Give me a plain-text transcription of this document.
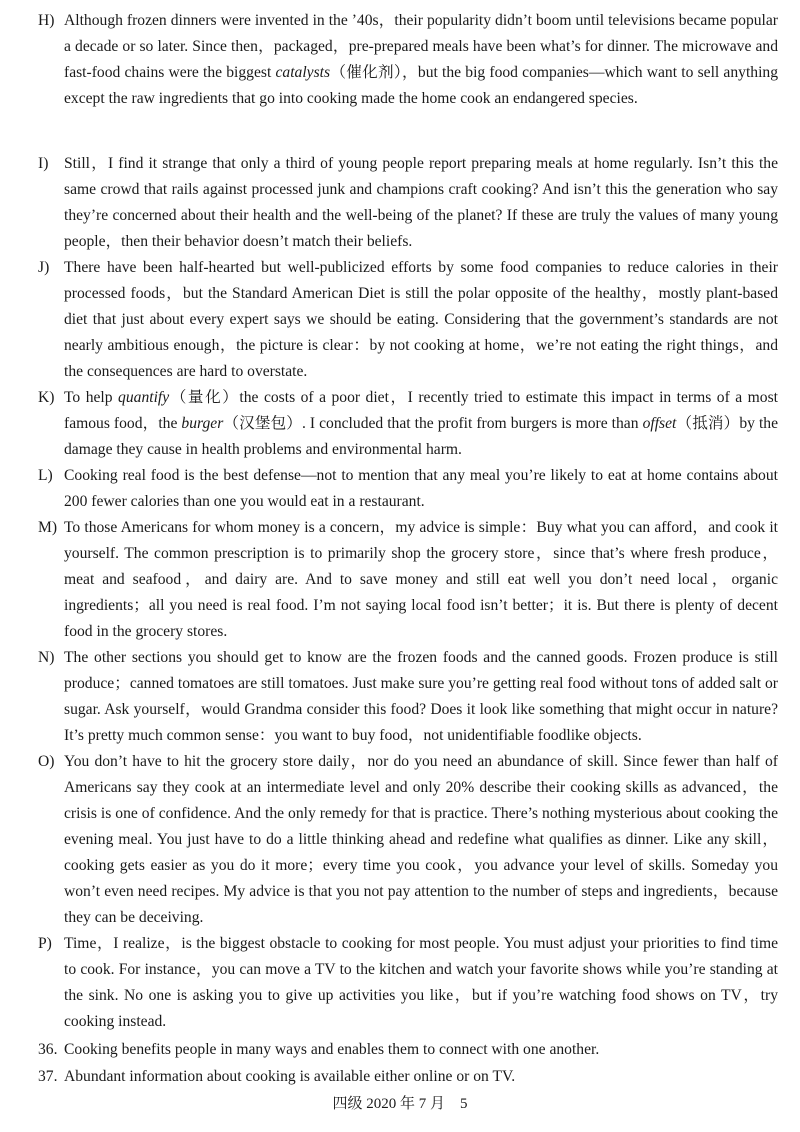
H) Although frozen dinners were invented in the ’40s，their popularity didn’t boom until televisions became popular a decade or so later. Since then，packaged，pre-prepared meals have been what’s for dinner. The microwave and fast-food chains were the biggest catalysts（催化剂），but the big food companies—which want to sell anything except the raw ingredients that go into cooking made the home cook an endangered species.
I)	Still，I find it strange that only a third of young people report preparing meals at home regularly. Isn’t this the same crowd that rails against processed junk and champions craft cooking? And isn’t this the generation who say they’re concerned about their health and the well-being of the planet? If these are truly the values of many young people，then their behavior doesn’t match their beliefs.
J) There have been half-hearted but well-publicized efforts by some food companies to reduce calories in their processed foods，but the Standard American Diet is still the polar opposite of the healthy，mostly plant-based diet that just about every expert says we should be eating. Considering that the government’s standards are not nearly ambitious enough，the picture is clear：by not cooking at home，we’re not eating the right things，and the consequences are hard to overstate.
K) To help quantify（量化）the costs of a poor diet，I recently tried to estimate this impact in terms of a most famous food，the burger（汉堡包）. I concluded that the profit from burgers is more than offset（抵消）by the damage they cause in health problems and environmental harm.
L) Cooking real food is the best defense—not to mention that any meal you’re likely to eat at home contains about 200 fewer calories than one you would eat in a restaurant.
M) To those Americans for whom money is a concern，my advice is simple：Buy what you can afford，and cook it yourself. The common prescription is to primarily shop the grocery store，since that’s where fresh produce，meat and seafood，and dairy are. And to save money and still eat well you don’t need local，organic ingredients；all you need is real food. I’m not saying local food isn’t better；it is. But there is plenty of decent food in the grocery stores.
N) The other sections you should get to know are the frozen foods and the canned goods. Frozen produce is still produce；canned tomatoes are still tomatoes. Just make sure you’re getting real food without tons of added salt or sugar. Ask yourself，would Grandma consider this food? Does it look like something that might occur in nature? It’s pretty much common sense：you want to buy food，not unidentifiable foodlike objects.
O) You don’t have to hit the grocery store daily，nor do you need an abundance of skill. Since fewer than half of Americans say they cook at an intermediate level and only 20% describe their cooking skills as advanced，the crisis is one of confidence. And the only remedy for that is practice. There’s nothing mysterious about cooking the evening meal. You just have to do a little thinking ahead and redefine what qualifies as dinner. Like any skill，cooking gets easier as you do it more；every time you cook，you advance your level of skills. Someday you won’t even need recipes. My advice is that you not pay attention to the number of steps and ingredients，because they can be deceiving.
P) Time，I realize，is the biggest obstacle to cooking for most people. You must adjust your priorities to find time to cook. For instance，you can move a TV to the kitchen and watch your favorite shows while you’re standing at the sink. No one is asking you to give up activities you like，but if you’re watching food shows on TV，try cooking instead.
36. Cooking benefits people in many ways and enables them to connect with one another.
37. Abundant information about cooking is available either online or on TV.
四级 2020 年 7 月 5
